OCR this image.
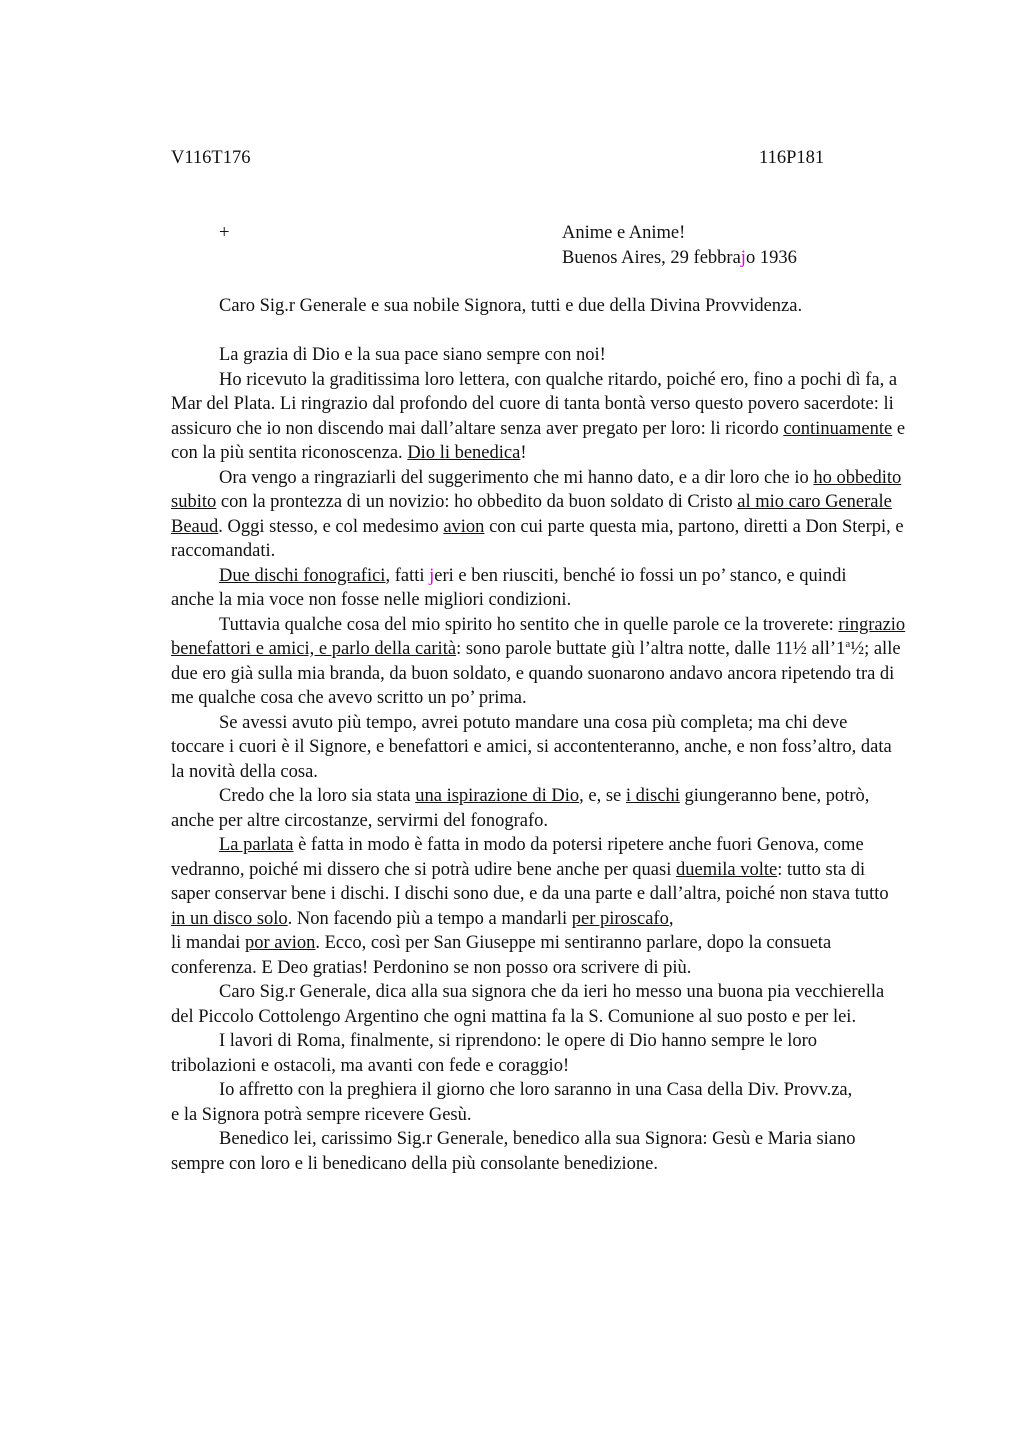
V116T176	116P181
+	Anime e Anime!
Buenos Aires, 29 febbrajo 1936

Caro Sig.r Generale e sua nobile Signora, tutti e due della Divina Provvidenza.

La grazia di Dio e la sua pace siano sempre con noi!

Ho ricevuto la graditissima loro lettera, con qualche ritardo, poiché ero, fino a pochi dì fa, a Mar del Plata. Li ringrazio dal profondo del cuore di tanta bontà verso questo povero sacerdote: li assicuro che io non discendo mai dall’altare senza aver pregato per loro: li ricordo continuamente e con la più sentita riconoscenza. Dio li benedica!

Ora vengo a ringraziarli del suggerimento che mi hanno dato, e a dir loro che io ho obbedito subito con la prontezza di un novizio: ho obbedito da buon soldato di Cristo al mio caro Generale Beaud. Oggi stesso, e col medesimo avion con cui parte questa mia, partono, diretti a Don Sterpi, e raccomandati.

Due dischi fonografici, fatti jeri e ben riusciti, benché io fossi un po’ stanco, e quindi

anche la mia voce non fosse nelle migliori condizioni.

Tuttavia qualche cosa del mio spirito ho sentito che in quelle parole ce la troverete: ringrazio benefattori e amici, e parlo della carità: sono parole buttate giù l’altra notte, dalle 11½ all’1$^a$½; alle due ero già sulla mia branda, da buon soldato, e quando suonarono andavo ancora ripetendo tra di me qualche cosa che avevo scritto un po’ prima.

Se avessi avuto più tempo, avrei potuto mandare una cosa più completa; ma chi deve

toccare i cuori è il Signore, e benefattori e amici, si accontenteranno, anche, e non foss’altro, data la novità della cosa.

Credo che la loro sia stata una ispirazione di Dio, e, se i dischi giungeranno bene, potrò, anche per altre circostanze, servirmi del fonografo.

La parlata è fatta in modo è fatta in modo da potersi ripetere anche fuori Genova, come vedranno, poiché mi dissero che si potrà udire bene anche per quasi duemila volte: tutto sta di saper conservar bene i dischi. I dischi sono due, e da una parte e dall’altra, poiché non stava tutto in un disco solo. Non facendo più a tempo a mandarli per piroscafo,

li mandai por avion. Ecco, così per San Giuseppe mi sentiranno parlare, dopo la consueta conferenza. E Deo gratias! Perdonino se non posso ora scrivere di più.

Caro Sig.r Generale, dica alla sua signora che da ieri ho messo una buona pia vecchierella del Piccolo Cottolengo Argentino che ogni mattina fa la S. Comunione al suo posto e per lei.

I lavori di Roma, finalmente, si riprendono: le opere di Dio hanno sempre le loro tribolazioni e ostacoli, ma avanti con fede e coraggio!

Io affretto con la preghiera il giorno che loro saranno in una Casa della Div. Provv.za,

e la Signora potrà sempre ricevere Gesù.

Benedico lei, carissimo Sig.r Generale, benedico alla sua Signora: Gesù e Maria siano sempre con loro e li benedicano della più consolante benedizione.
